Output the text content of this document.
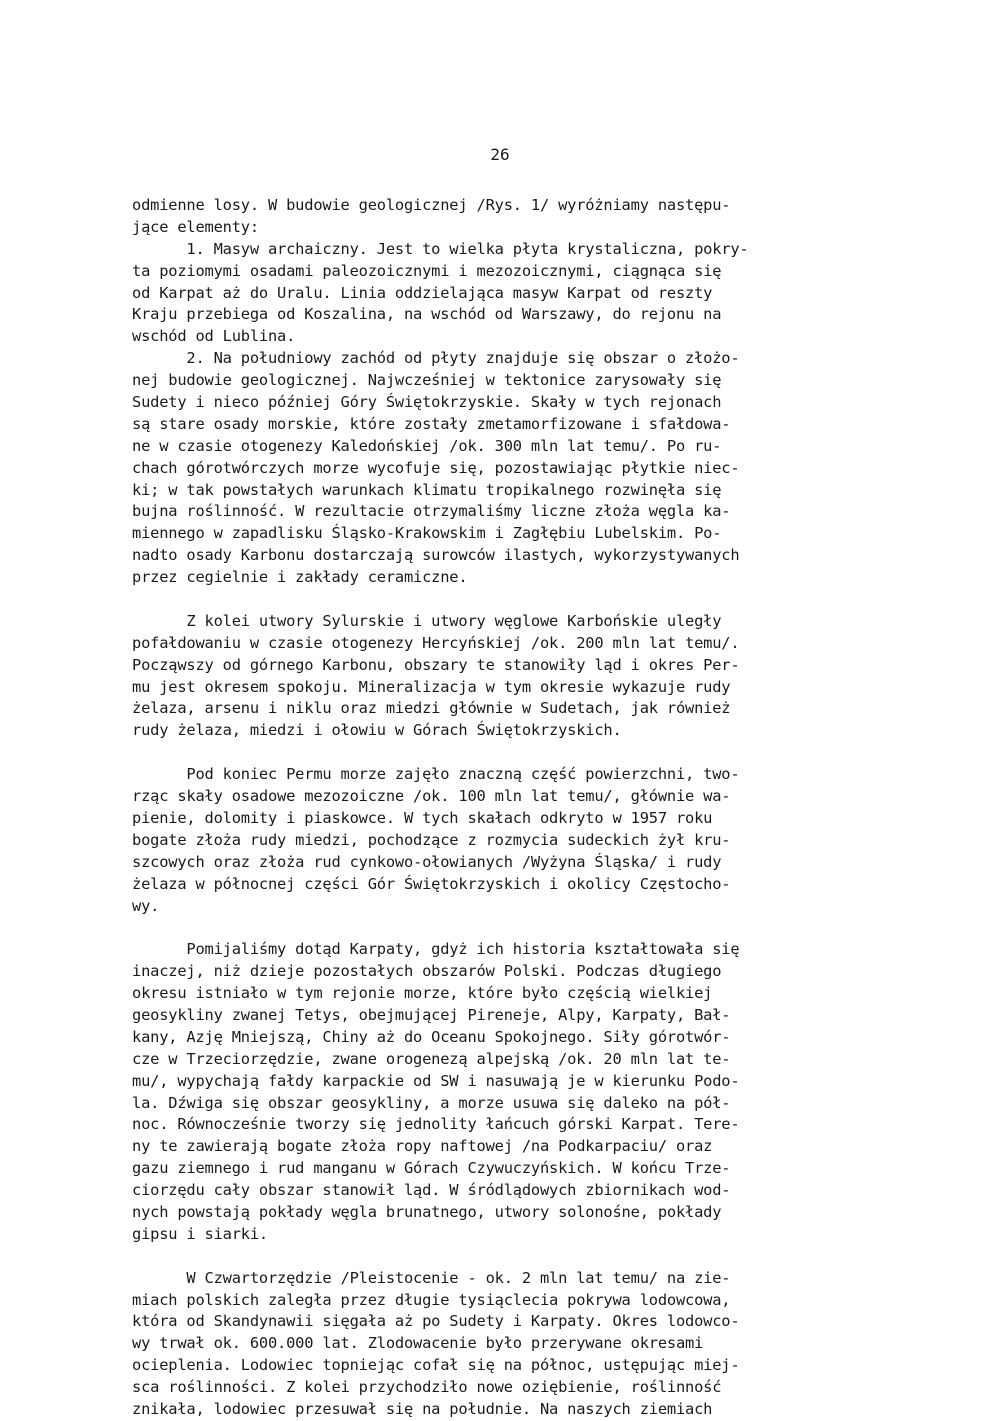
26
odmienne losy. W budowie geologicznej /Rys. 1/ wyróżniamy następu-
jące elementy:
1. Masyw archaiczny. Jest to wielka płyta krystaliczna, pokry-
ta poziomymi osadami paleozoicznymi i mezozoicznymi, ciągnąca się
od Karpat aż do Uralu. Linia oddzielająca masyw Karpat od reszty
Kraju przebiega od Koszalina, na wschód od Warszawy, do rejonu na
wschód od Lublina.
2. Na południowy zachód od płyty znajduje się obszar o złożo-
nej budowie geologicznej. Najwcześniej w tektonice zarysowały się
Sudety i nieco później Góry Świętokrzyskie. Skały w tych rejonach
są stare osady morskie, które zostały zmetamorfizowane i sfałdowa-
ne w czasie otogenezy Kaledońskiej /ok. 300 mln lat temu/. Po ru-
chach górotwórczych morze wycofuje się, pozostawiając płytkie niec-
ki; w tak powstałych warunkach klimatu tropikalnego rozwinęła się
bujna roślinność. W rezultacie otrzymaliśmy liczne złoża węgla ka-
miennego w zapadlisku Śląsko-Krakowskim i Zagłębiu Lubelskim. Po-
nadto osady Karbonu dostarczają surowców ilastych, wykorzystywanych
przez cegielnie i zakłady ceramiczne.
Z kolei utwory Sylurskie i utwory węglowe Karbońskie uległy
pofałdowaniu w czasie otogenezy Hercyńskiej /ok. 200 mln lat temu/.
Począwszy od górnego Karbonu, obszary te stanowiły ląd i okres Per-
mu jest okresem spokoju. Mineralizacja w tym okresie wykazuje rudy
żelaza, arsenu i niklu oraz miedzi głównie w Sudetach, jak również
rudy żelaza, miedzi i ołowiu w Górach Świętokrzyskich.
Pod koniec Permu morze zajęło znaczną część powierzchni, two-
rząc skały osadowe mezozoiczne /ok. 100 mln lat temu/, głównie wa-
pienie, dolomity i piaskowce. W tych skałach odkryto w 1957 roku
bogate złoża rudy miedzi, pochodzące z rozmycia sudeckich żył kru-
szcowych oraz złoża rud cynkowo-ołowianych /Wyżyna Śląska/ i rudy
żelaza w północnej części Gór Świętokrzyskich i okolicy Częstocho-
wy.
Pomijaliśmy dotąd Karpaty, gdyż ich historia kształtowała się
inaczej, niż dzieje pozostałych obszarów Polski. Podczas długiego
okresu istniało w tym rejonie morze, które było częścią wielkiej
geosykliny zwanej Tetys, obejmującej Pireneje, Alpy, Karpaty, Bał-
kany, Azję Mniejszą, Chiny aż do Oceanu Spokojnego. Siły górotwór-
cze w Trzeciorzędzie, zwane orogenezą alpejską /ok. 20 mln lat te-
mu/, wypychają fałdy karpackie od SW i nasuwają je w kierunku Podo-
la. Dźwiga się obszar geosykliny, a morze usuwa się daleko na pół-
noc. Równocześnie tworzy się jednolity łańcuch górski Karpat. Tere-
ny te zawierają bogate złoża ropy naftowej /na Podkarpaciu/ oraz
gazu ziemnego i rud manganu w Górach Czywuczyńskich. W końcu Trze-
ciorzędu cały obszar stanowił ląd. W śródlądowych zbiornikach wod-
nych powstają pokłady węgla brunatnego, utwory solonośne, pokłady
gipsu i siarki.
W Czwartorzędzie /Pleistocenie - ok. 2 mln lat temu/ na zie-
miach polskich zaległa przez długie tysiąclecia pokrywa lodowcowa,
która od Skandynawii sięgała aż po Sudety i Karpaty. Okres lodowco-
wy trwał ok. 600.000 lat. Zlodowacenie było przerywane okresami
ocieplenia. Lodowiec topniejąc cofał się na północ, ustępując miej-
sca roślinności. Z kolei przychodziło nowe oziębienie, roślinność
znikała, lodowiec przesuwał się na południe. Na naszych ziemiach
